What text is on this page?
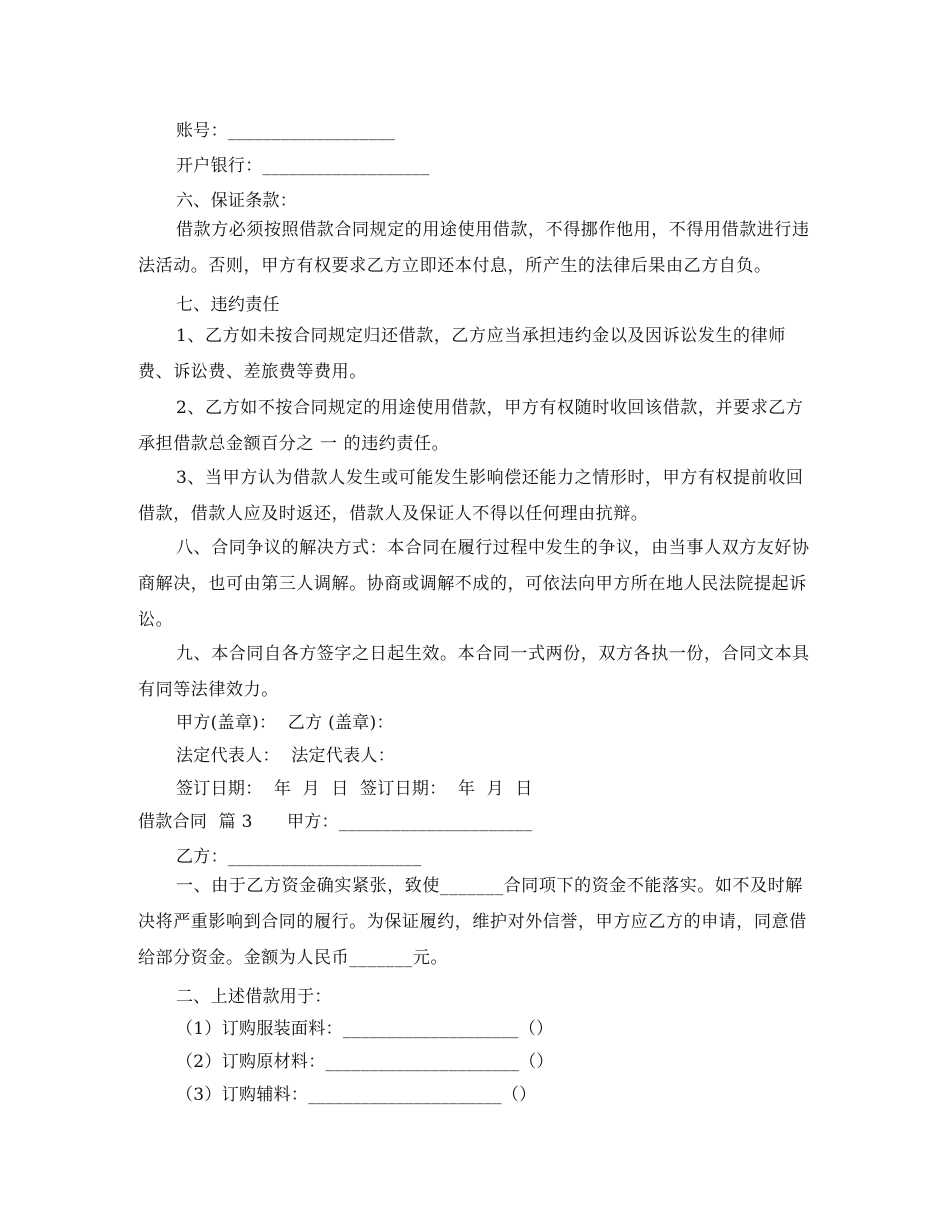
账号：___________________
开户银行：___________________
六、保证条款：
借款方必须按照借款合同规定的用途使用借款，不得挪作他用，不得用借款进行违法活动。否则，甲方有权要求乙方立即还本付息，所产生的法律后果由乙方自负。
七、违约责任
1、乙方如未按合同规定归还借款，乙方应当承担违约金以及因诉讼发生的律师费、诉讼费、差旅费等费用。
2、乙方如不按合同规定的用途使用借款，甲方有权随时收回该借款，并要求乙方承担借款总金额百分之 一 的违约责任。
3、当甲方认为借款人发生或可能发生影响偿还能力之情形时，甲方有权提前收回借款，借款人应及时返还，借款人及保证人不得以任何理由抗辩。
八、合同争议的解决方式：本合同在履行过程中发生的争议，由当事人双方友好协商解决，也可由第三人调解。协商或调解不成的，可依法向甲方所在地人民法院提起诉讼。
九、本合同自各方签字之日起生效。本合同一式两份，双方各执一份，合同文本具有同等法律效力。
甲方(盖章)：  乙方 (盖章)：
法定代表人：  法定代表人：
签订日期：  年  月  日  签订日期：  年  月  日
借款合同  篇 3      甲方：______________________
乙方：______________________
一、由于乙方资金确实紧张，致使_______合同项下的资金不能落实。如不及时解决将严重影响到合同的履行。为保证履约，维护对外信誉，甲方应乙方的申请，同意借给部分资金。金额为人民币_______元。
二、上述借款用于：
（1）订购服装面料：____________________（）
（2）订购原材料：______________________（）
（3）订购辅料：______________________（）
